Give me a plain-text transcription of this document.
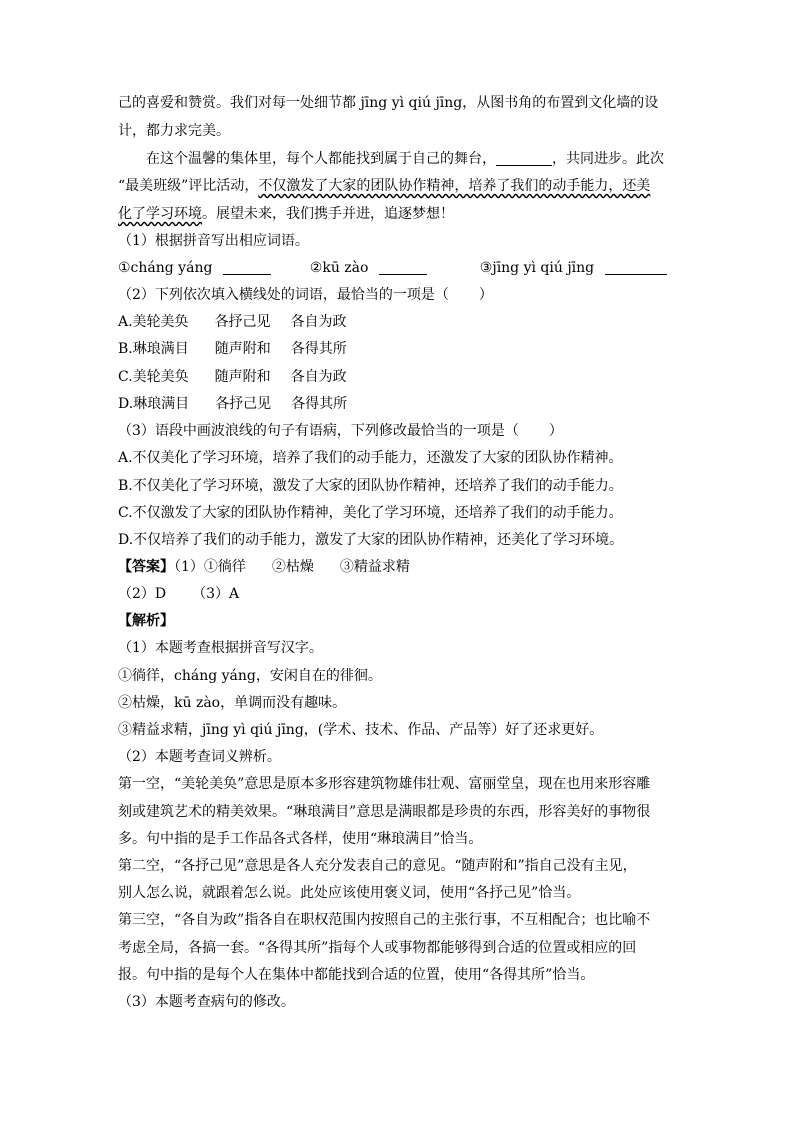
己的喜爱和赞赏。我们对每一处细节都 jīng yì qiú jīng，从图书角的布置到文化墙的设
计，都力求完美。
在这个温馨的集体里，每个人都能找到属于自己的舞台，	，共同进步。此次
“最美班级”评比活动，不仅激发了大家的团队协作精神，培养了我们的动手能力，还美
化了学习环境。展望未来，我们携手并进，追逐梦想！
（1）根据拼音写出相应词语。
①cháng yáng	②kū zào	③jīng yì qiú jīng
（2）下列依次填入横线处的词语，最恰当的一项是（ ）
A.美轮美奂 各抒己见 各自为政
B.琳琅满目 随声附和 各得其所
C.美轮美奂 随声附和 各自为政
D.琳琅满目 各抒己见 各得其所
（3）语段中画波浪线的句子有语病，下列修改最恰当的一项是（ ）
A.不仅美化了学习环境，培养了我们的动手能力，还激发了大家的团队协作精神。
B.不仅美化了学习环境，激发了大家的团队协作精神，还培养了我们的动手能力。
C.不仅激发了大家的团队协作精神，美化了学习环境，还培养了我们的动手能力。
D.不仅培养了我们的动手能力，激发了大家的团队协作精神，还美化了学习环境。
【答案】（1）①徜徉 ②枯燥 ③精益求精
（2）D （3）A
【解析】
（1）本题考查根据拼音写汉字。
①徜徉，cháng yáng，安闲自在的徘徊。
②枯燥，kū zào，单调而没有趣味。
③精益求精，jīng yì qiú jīng，(学术、技术、作品、产品等）好了还求更好。
（2）本题考查词义辨析。
第一空，“美轮美奂”意思是原本多形容建筑物雄伟壮观、富丽堂皇，现在也用来形容雕
刻或建筑艺术的精美效果。“琳琅满目”意思是满眼都是珍贵的东西，形容美好的事物很
多。句中指的是手工作品各式各样，使用“琳琅满目”恰当。
第二空，“各抒己见”意思是各人充分发表自己的意见。“随声附和”指自己没有主见，
别人怎么说，就跟着怎么说。此处应该使用褒义词，使用“各抒己见”恰当。
第三空，“各自为政”指各自在职权范围内按照自己的主张行事，不互相配合；也比喻不
考虑全局，各搞一套。“各得其所”指每个人或事物都能够得到合适的位置或相应的回
报。句中指的是每个人在集体中都能找到合适的位置，使用“各得其所”恰当。
（3）本题考查病句的修改。
